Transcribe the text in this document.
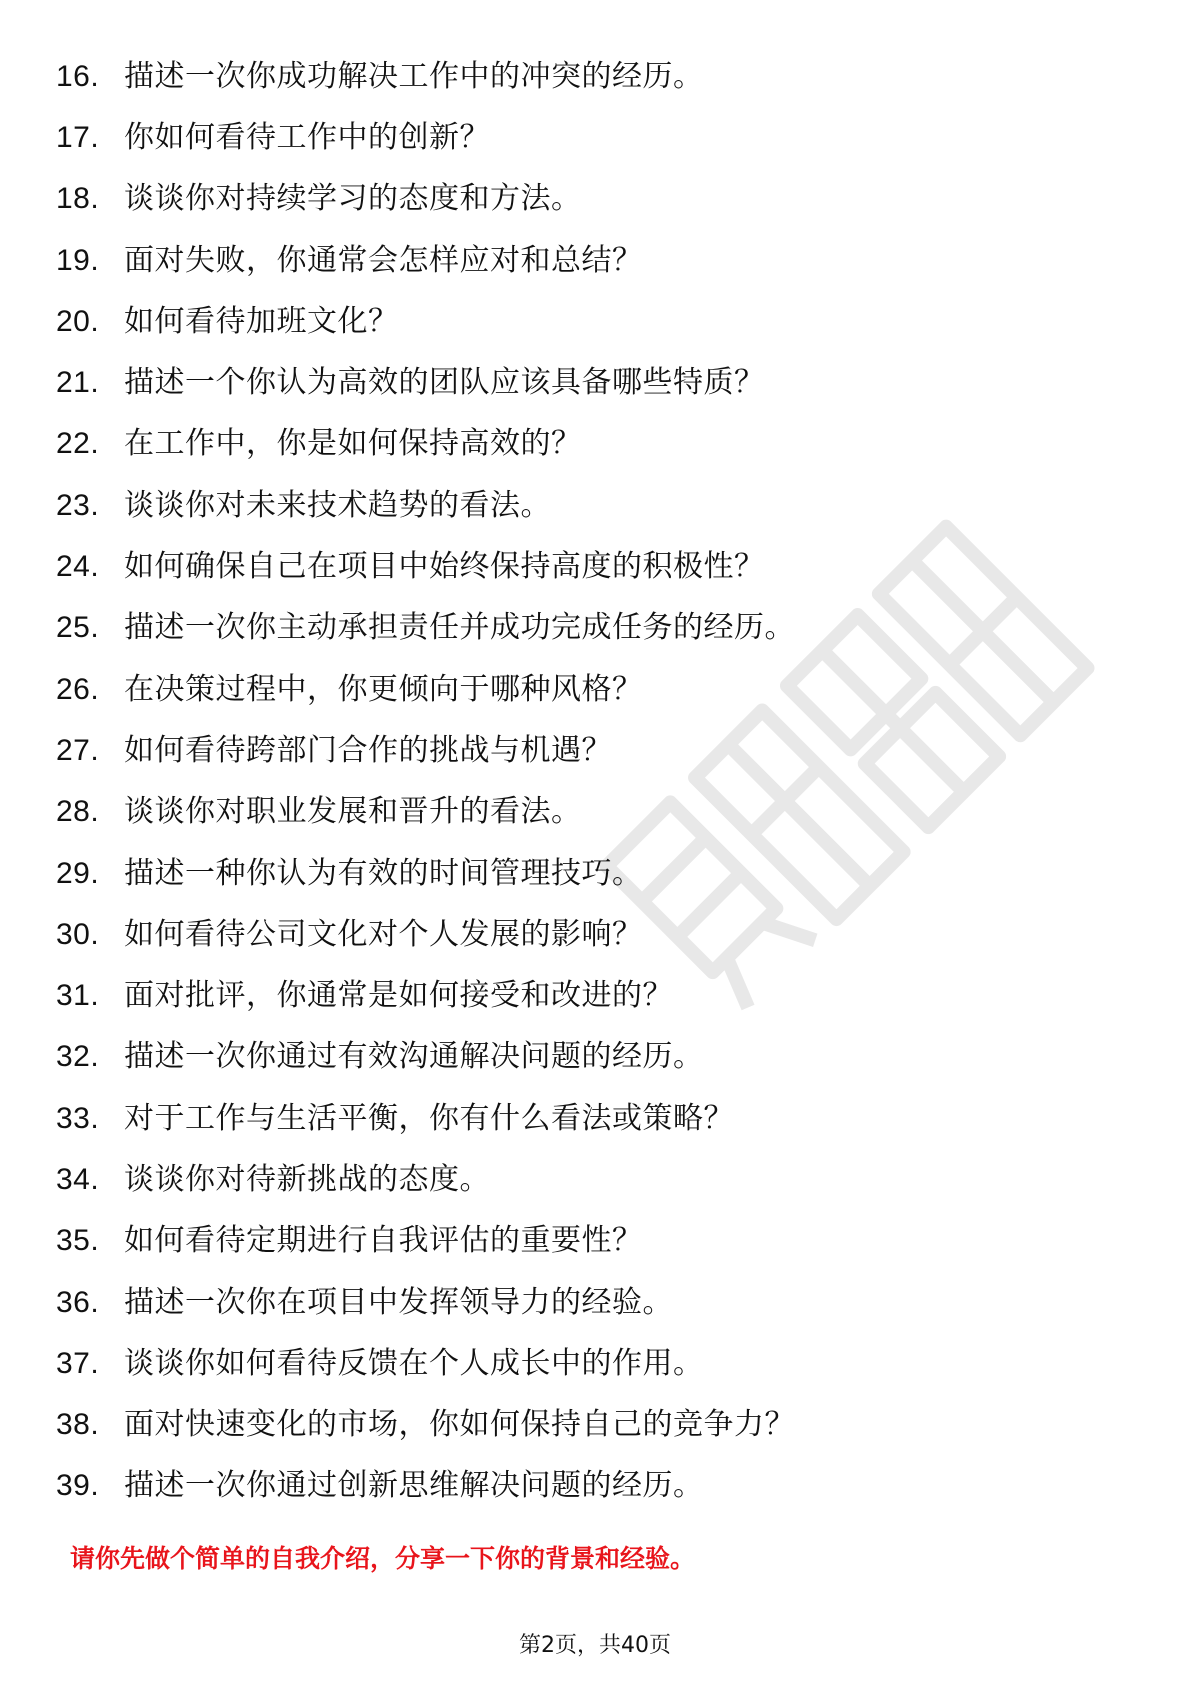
16. 描述一次你成功解决工作中的冲突的经历。
17. 你如何看待工作中的创新？
18. 谈谈你对持续学习的态度和方法。
19. 面对失败，你通常会怎样应对和总结？
20. 如何看待加班文化？
21. 描述一个你认为高效的团队应该具备哪些特质？
22. 在工作中，你是如何保持高效的？
23. 谈谈你对未来技术趋势的看法。
24. 如何确保自己在项目中始终保持高度的积极性？
25. 描述一次你主动承担责任并成功完成任务的经历。
26. 在决策过程中，你更倾向于哪种风格？
27. 如何看待跨部门合作的挑战与机遇？
28. 谈谈你对职业发展和晋升的看法。
29. 描述一种你认为有效的时间管理技巧。
30. 如何看待公司文化对个人发展的影响？
31. 面对批评，你通常是如何接受和改进的？
32. 描述一次你通过有效沟通解决问题的经历。
33. 对于工作与生活平衡，你有什么看法或策略？
34. 谈谈你对待新挑战的态度。
35. 如何看待定期进行自我评估的重要性？
36. 描述一次你在项目中发挥领导力的经验。
37. 谈谈你如何看待反馈在个人成长中的作用。
38. 面对快速变化的市场，你如何保持自己的竞争力？
39. 描述一次你通过创新思维解决问题的经历。
请你先做个简单的自我介绍，分享一下你的背景和经验。
第2页，共40页
